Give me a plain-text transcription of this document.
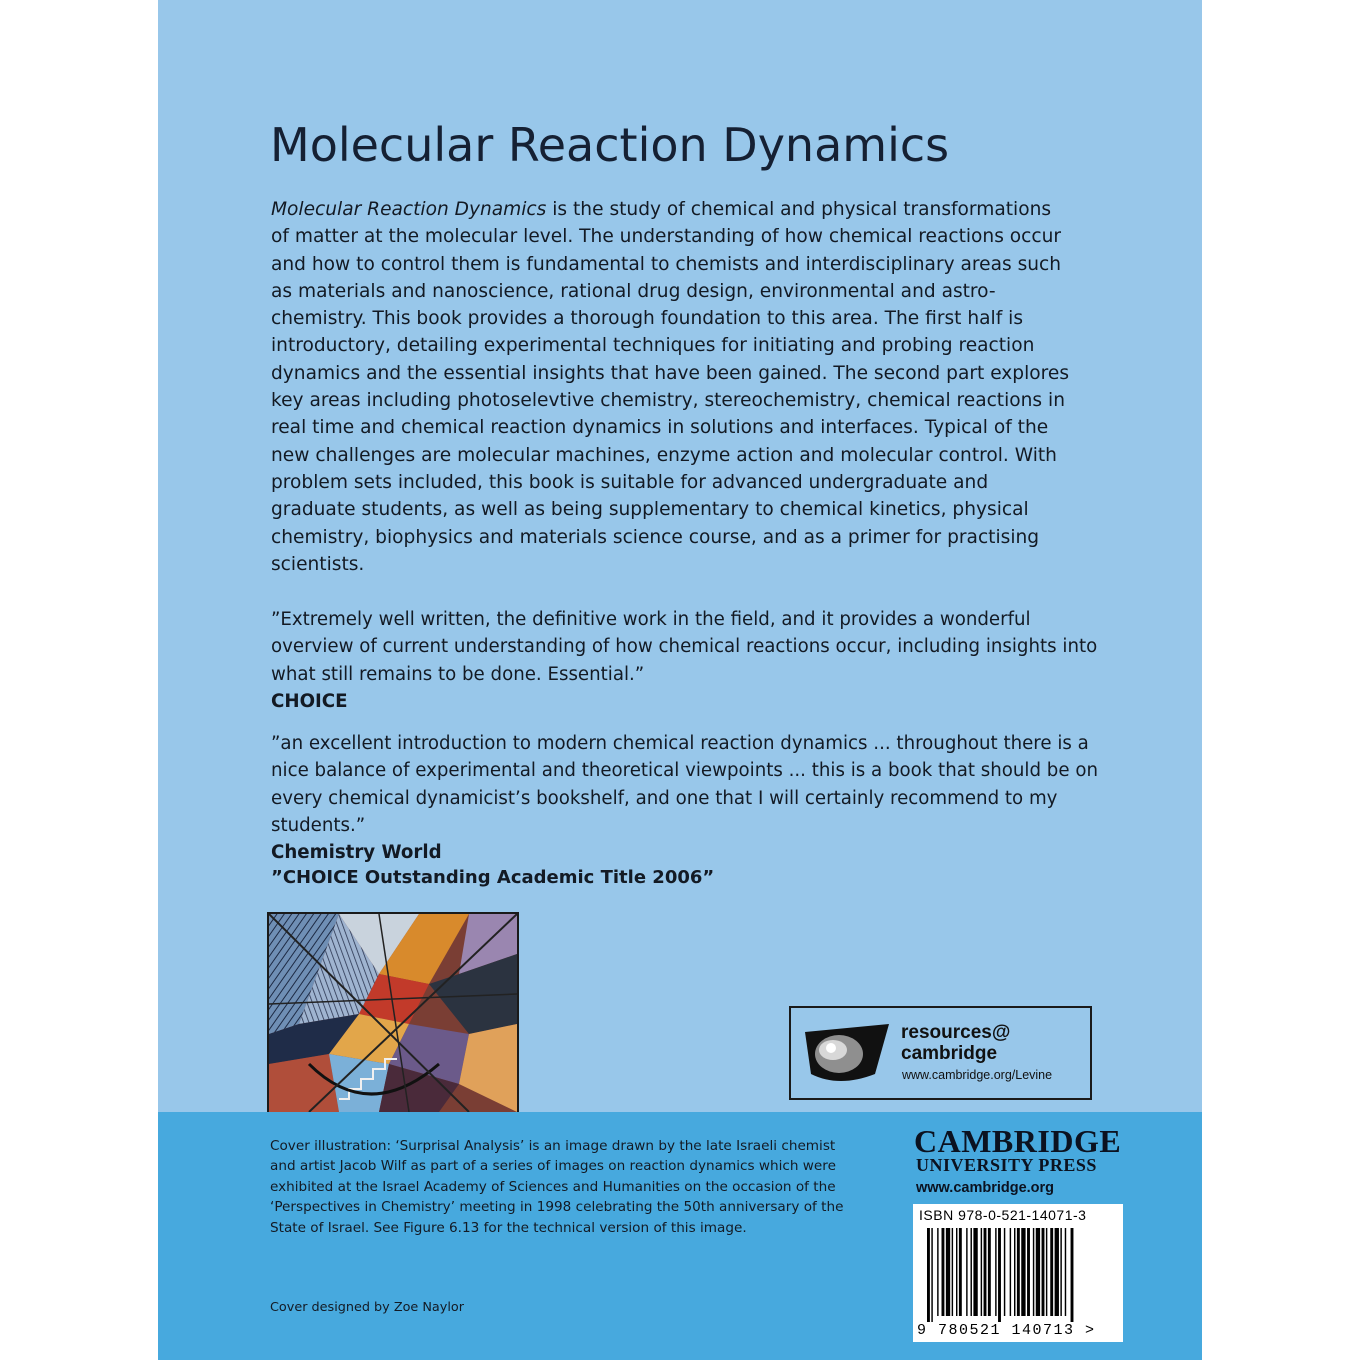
Molecular Reaction Dynamics

Molecular Reaction Dynamics is the study of chemical and physical transformations of matter at the molecular level. The understanding of how chemical reactions occur and how to control them is fundamental to chemists and interdisciplinary areas such as materials and nanoscience, rational drug design, environmental and astro-chemistry. This book provides a thorough foundation to this area. The first half is introductory, detailing experimental techniques for initiating and probing reaction dynamics and the essential insights that have been gained. The second part explores key areas including photoselevtive chemistry, stereochemistry, chemical reactions in real time and chemical reaction dynamics in solutions and interfaces. Typical of the new challenges are molecular machines, enzyme action and molecular control. With problem sets included, this book is suitable for advanced undergraduate and graduate students, as well as being supplementary to chemical kinetics, physical chemistry, biophysics and materials science course, and as a primer for practising scientists.

”Extremely well written, the definitive work in the field, and it provides a wonderful overview of current understanding of how chemical reactions occur, including insights into what still remains to be done. Essential.”
CHOICE
”an excellent introduction to modern chemical reaction dynamics ... throughout there is a nice balance of experimental and theoretical viewpoints ... this is a book that should be on every chemical dynamicist’s bookshelf, and one that I will certainly recommend to my students.”
Chemistry World

”CHOICE Outstanding Academic Title 2006”

resources@
cambridge
www.cambridge.org/Levine

Cover illustration: ‘Surprisal Analysis’ is an image drawn by the late Israeli chemist and artist Jacob Wilf as part of a series of images on reaction dynamics which were exhibited at the Israel Academy of Sciences and Humanities on the occasion of the ‘Perspectives in Chemistry’ meeting in 1998 celebrating the 50th anniversary of the State of Israel. See Figure 6.13 for the technical version of this image.

Cover designed by Zoe Naylor

CAMBRIDGE
UNIVERSITY PRESS
www.cambridge.org
ISBN 978-0-521-14071-3
9 780521 140713 >
